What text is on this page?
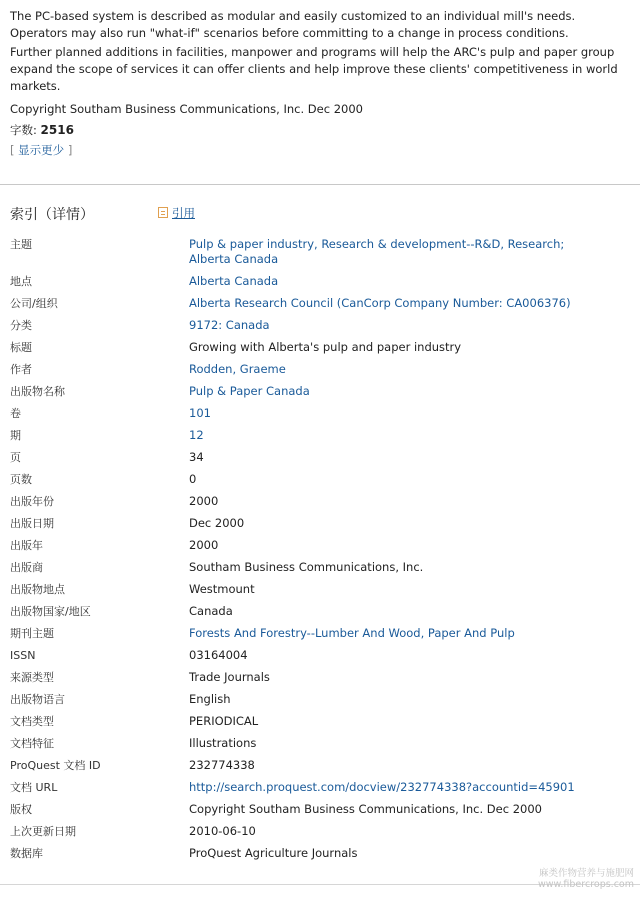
The PC-based system is described as modular and easily customized to an individual mill's needs. Operators may also run "what-if" scenarios before committing to a change in process conditions.

Further planned additions in facilities, manpower and programs will help the ARC's pulp and paper group expand the scope of services it can offer clients and help improve these clients' competitiveness in world markets.

Copyright Southam Business Communications, Inc. Dec 2000
字数: 2516
[ 显示更少 ]
索引（详情）	引用
主题	Pulp & paper industry, Research & development--R&D, Research; Alberta Canada
地点	Alberta Canada
公司/组织	Alberta Research Council (CanCorp Company Number: CA006376)
分类	9172: Canada
标题	Growing with Alberta's pulp and paper industry
作者	Rodden, Graeme
出版物名称	Pulp & Paper Canada
卷	101
期	12
页	34
页数	0
出版年份	2000
出版日期	Dec 2000
出版年	2000
出版商	Southam Business Communications, Inc.
出版物地点	Westmount
出版物国家/地区	Canada
期刊主题	Forests And Forestry--Lumber And Wood, Paper And Pulp
ISSN	03164004
来源类型	Trade Journals
出版物语言	English
文档类型	PERIODICAL
文档特征	Illustrations
ProQuest 文档 ID	232774338
文档 URL	http://search.proquest.com/docview/232774338?accountid=45901
版权	Copyright Southam Business Communications, Inc. Dec 2000
上次更新日期	2010-06-10
数据库	ProQuest Agriculture Journals
麻类作物营养与施肥网
www.fibercrops.com
